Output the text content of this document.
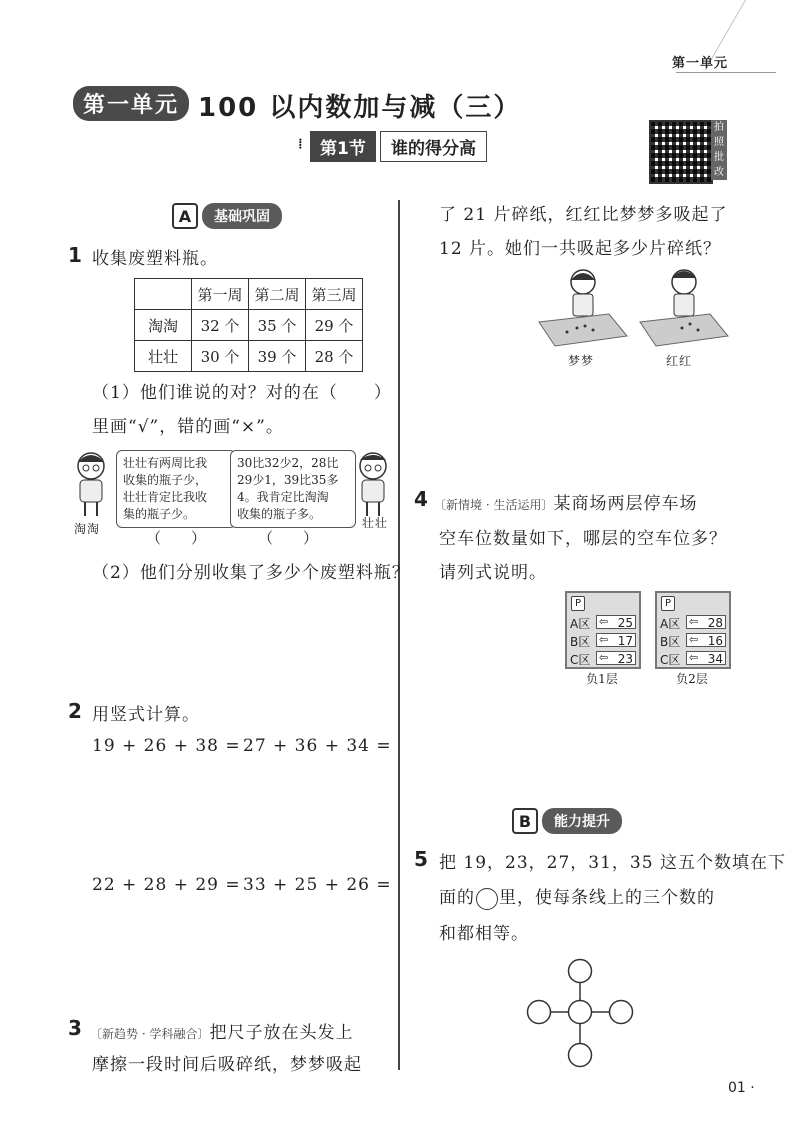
第一单元
第一单元 100 以内数加与减（三）
⁞	第1节	谁的得分高
拍照批改
A	基础巩固
1 收集废塑料瓶。
	第一周	第二周	第三周
淘淘	32 个	35 个	29 个
壮壮	30 个	39 个	28 个
（1）他们谁说的对？对的在（　　）
里画“√”，错的画“×”。
淘淘
壮壮有两周比我
收集的瓶子少，
壮壮肯定比我收
集的瓶子少。
30比32少2，28比
29少1，39比35多
4。我肯定比淘淘
收集的瓶子多。
壮壮
（　　）	（　　）
（2）他们分别收集了多少个废塑料瓶？
2 用竖式计算。
19 + 26 + 38 = 27 + 36 + 34 =
22 + 28 + 29 = 33 + 25 + 26 =
3 〔新趋势 · 学科融合〕把尺子放在头发上
摩擦一段时间后吸碎纸，梦梦吸起
了 21 片碎纸，红红比梦梦多吸起了
12 片。她们一共吸起多少片碎纸？
梦梦	红红
4 〔新情境 · 生活运用〕某商场两层停车场
空车位数量如下，哪层的空车位多？
请列式说明。
P
A区 ⇦ 25
B区 ⇦ 17
C区 ⇦ 23
负1层
P
A区 ⇦ 28
B区 ⇦ 16
C区 ⇦ 34
负2层
B	能力提升
5 把 19，23，27，31，35 这五个数填在下
面的 里，使每条线上的三个数的
和都相等。
01 ·
